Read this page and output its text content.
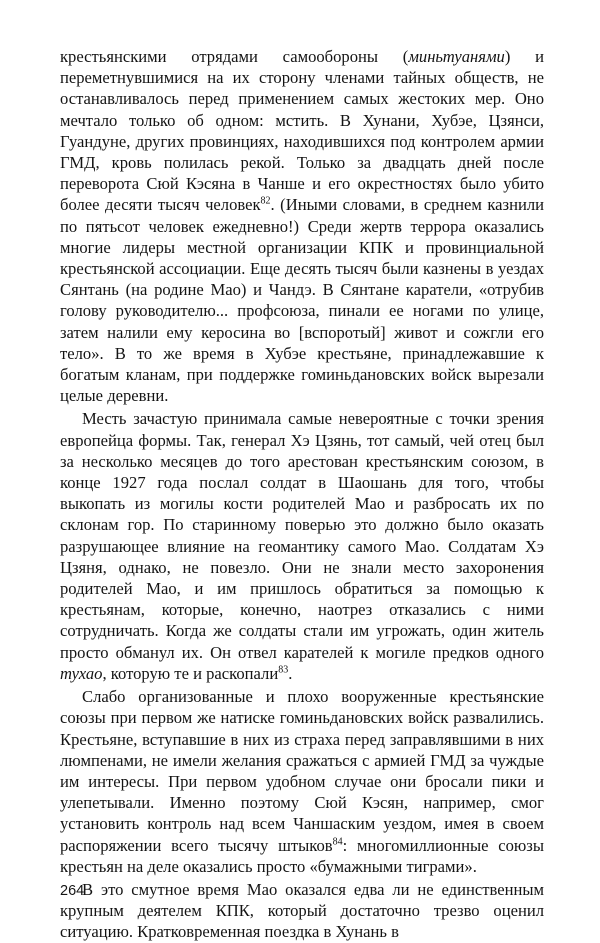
крестьянскими отрядами самообороны (миньтуанями) и переметнувшимися на их сторону членами тайных обществ, не останавливалось перед применением самых жестоких мер. Оно мечтало только об одном: мстить. В Хунани, Хубэе, Цзянси, Гуандуне, других провинциях, находившихся под контролем армии ГМД, кровь полилась рекой. Только за двадцать дней после переворота Сюй Кэсяна в Чанше и его окрестностях было убито более десяти тысяч человек$^{82}$. (Иными словами, в среднем казнили по пятьсот человек ежедневно!) Среди жертв террора оказались многие лидеры местной организации КПК и провинциальной крестьянской ассоциации. Еще десять тысяч были казнены в уездах Сянтань (на родине Мао) и Чандэ. В Сянтане каратели, «отрубив голову руководителю... профсоюза, пинали ее ногами по улице, затем налили ему керосина во [вспоротый] живот и сожгли его тело». В то же время в Хубэе крестьяне, принадлежавшие к богатым кланам, при поддержке гоминьдановских войск вырезали целые деревни.

Месть зачастую принимала самые невероятные с точки зрения европейца формы. Так, генерал Хэ Цзянь, тот самый, чей отец был за несколько месяцев до того арестован крестьянским союзом, в конце 1927 года послал солдат в Шаошань для того, чтобы выкопать из могилы кости родителей Мао и разбросать их по склонам гор. По старинному поверью это должно было оказать разрушающее влияние на геомантику самого Мао. Солдатам Хэ Цзяня, однако, не повезло. Они не знали место захоронения родителей Мао, и им пришлось обратиться за помощью к крестьянам, которые, конечно, наотрез отказались с ними сотрудничать. Когда же солдаты стали им угрожать, один житель просто обманул их. Он отвел карателей к могиле предков одного тухао, которую те и раскопали$^{83}$.

Слабо организованные и плохо вооруженные крестьянские союзы при первом же натиске гоминьдановских войск развалились. Крестьяне, вступавшие в них из страха перед заправлявшими в них люмпенами, не имели желания сражаться с армией ГМД за чуждые им интересы. При первом удобном случае они бросали пики и улепетывали. Именно поэтому Сюй Кэсян, например, смог установить контроль над всем Чаншаским уездом, имея в своем распоряжении всего тысячу штыков$^{84}$: многомиллионные союзы крестьян на деле оказались просто «бумажными тиграми».

В это смутное время Мао оказался едва ли не единственным крупным деятелем КПК, который достаточно трезво оценил ситуацию. Кратковременная поездка в Хунань в

264
